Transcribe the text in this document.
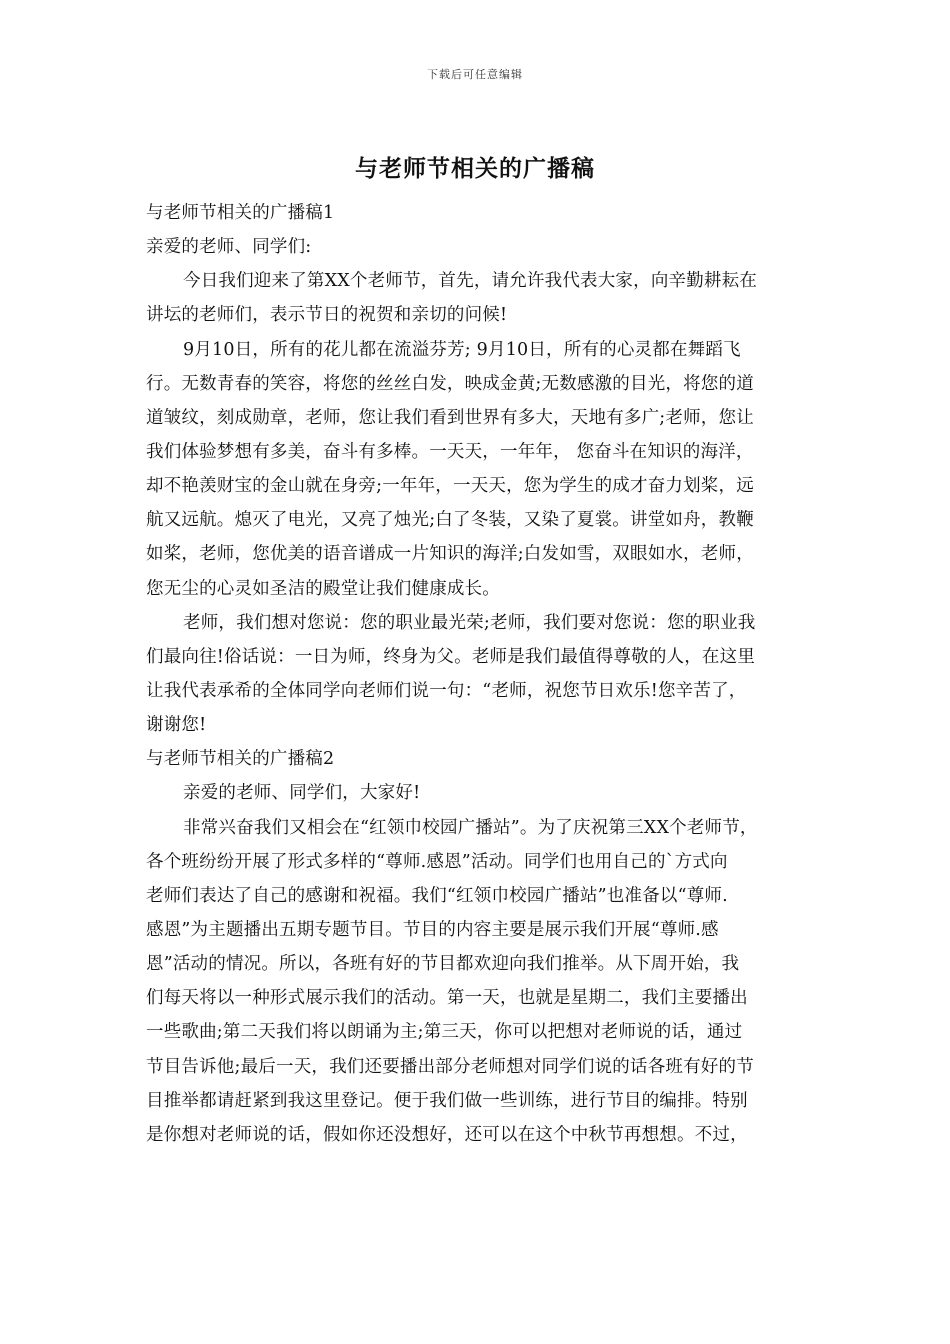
下载后可任意编辑
与老师节相关的广播稿
与老师节相关的广播稿1
亲爱的老师、同学们:
今日我们迎来了第XX个老师节，首先，请允许我代表大家，向辛勤耕耘在
讲坛的老师们，表示节日的祝贺和亲切的问候!
9月10日，所有的花儿都在流溢芬芳; 9月10日，所有的心灵都在舞蹈飞
行。无数青春的笑容，将您的丝丝白发，映成金黄;无数感激的目光，将您的道
道皱纹，刻成勋章，老师，您让我们看到世界有多大，天地有多广;老师，您让
我们体验梦想有多美，奋斗有多棒。一天天，一年年， 您奋斗在知识的海洋，
却不艳羡财宝的金山就在身旁;一年年，一天天，您为学生的成才奋力划桨，远
航又远航。熄灭了电光，又亮了烛光;白了冬装，又染了夏裳。讲堂如舟，教鞭
如桨，老师，您优美的语音谱成一片知识的海洋;白发如雪，双眼如水，老师，
您无尘的心灵如圣洁的殿堂让我们健康成长。
老师，我们想对您说：您的职业最光荣;老师，我们要对您说：您的职业我
们最向往!俗话说：一日为师，终身为父。老师是我们最值得尊敬的人，在这里
让我代表承希的全体同学向老师们说一句：“老师，祝您节日欢乐!您辛苦了，
谢谢您!
与老师节相关的广播稿2
亲爱的老师、同学们，大家好!
非常兴奋我们又相会在“红领巾校园广播站”。为了庆祝第三XX个老师节，
各个班纷纷开展了形式多样的“尊师.感恩”活动。同学们也用自己的`方式向
老师们表达了自己的感谢和祝福。我们“红领巾校园广播站”也准备以“尊师.
感恩”为主题播出五期专题节目。节目的内容主要是展示我们开展“尊师.感
恩”活动的情况。所以，各班有好的节目都欢迎向我们推举。从下周开始，我
们每天将以一种形式展示我们的活动。第一天，也就是星期二，我们主要播出
一些歌曲;第二天我们将以朗诵为主;第三天，你可以把想对老师说的话，通过
节目告诉他;最后一天，我们还要播出部分老师想对同学们说的话各班有好的节
目推举都请赶紧到我这里登记。便于我们做一些训练，进行节目的编排。特别
是你想对老师说的话，假如你还没想好，还可以在这个中秋节再想想。不过，
